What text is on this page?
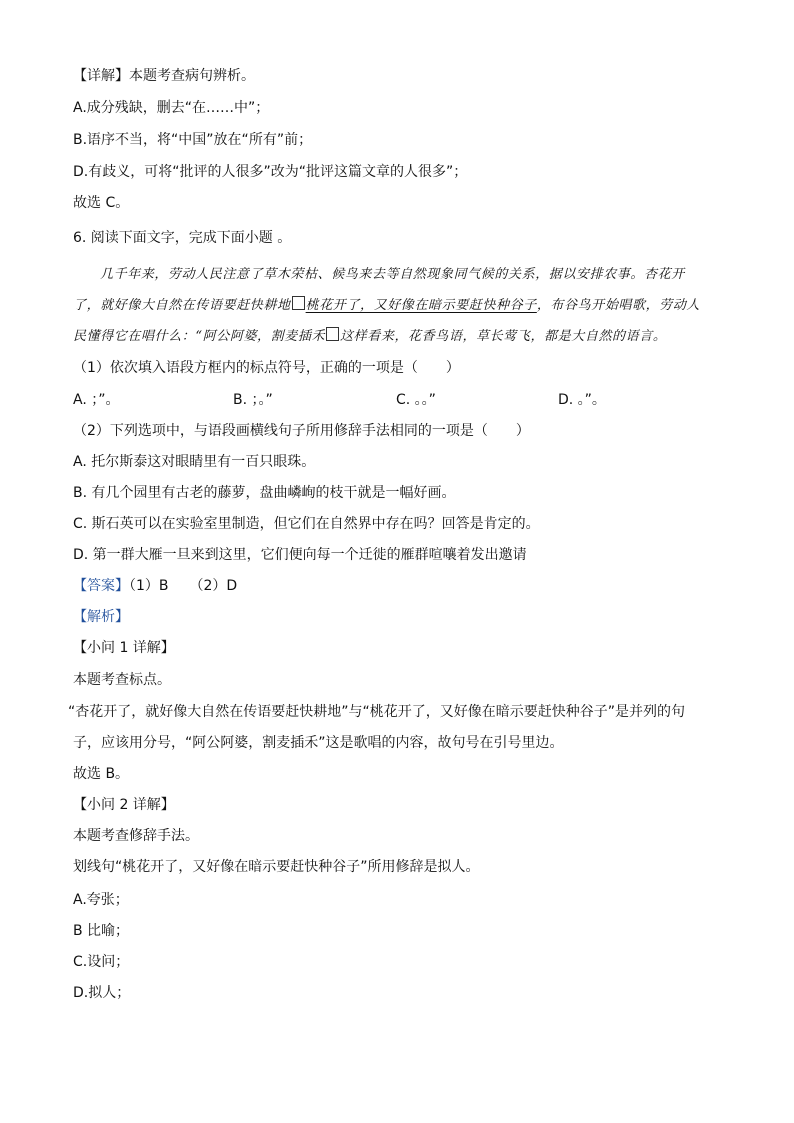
【详解】本题考查病句辨析。
A.成分残缺，删去“在……中”；
B.语序不当，将“中国”放在“所有”前；
D.有歧义，可将“批评的人很多”改为“批评这篇文章的人很多”；
故选 C。
6. 阅读下面文字，完成下面小题 。
几千年来，劳动人民注意了草木荣枯、候鸟来去等自然现象同气候的关系，据以安排农事。杏花开
了，就好像大自然在传语要赶快耕地 桃花开了，又好像在暗示要赶快种谷子，布谷鸟开始唱歌，劳动人
民懂得它在唱什么：“阿公阿婆，割麦插禾 这样看来，花香鸟语，草长莺飞，都是大自然的语言。
（1）依次填入语段方框内的标点符号，正确的一项是（　　）
A. ；”。	B. ；。”	C. 。。”	D. 。”。
（2）下列选项中，与语段画横线句子所用修辞手法相同的一项是（　　）
A. 托尔斯泰这对眼睛里有一百只眼珠。
B. 有几个园里有古老的藤萝，盘曲嶙峋的枝干就是一幅好画。
C. 斯石英可以在实验室里制造，但它们在自然界中存在吗？回答是肯定的。
D. 第一群大雁一旦来到这里，它们便向每一个迁徙的雁群喧嚷着发出邀请
【答案】（1）B　　（2）D
【解析】
【小问 1 详解】
本题考查标点。
“杏花开了，就好像大自然在传语要赶快耕地”与“桃花开了，又好像在暗示要赶快种谷子”是并列的句
子，应该用分号，“阿公阿婆，割麦插禾”这是歌唱的内容，故句号在引号里边。
故选 B。
【小问 2 详解】
本题考查修辞手法。
划线句“桃花开了，又好像在暗示要赶快种谷子”所用修辞是拟人。
A.夸张；
B 比喻；
C.设问；
D.拟人；
